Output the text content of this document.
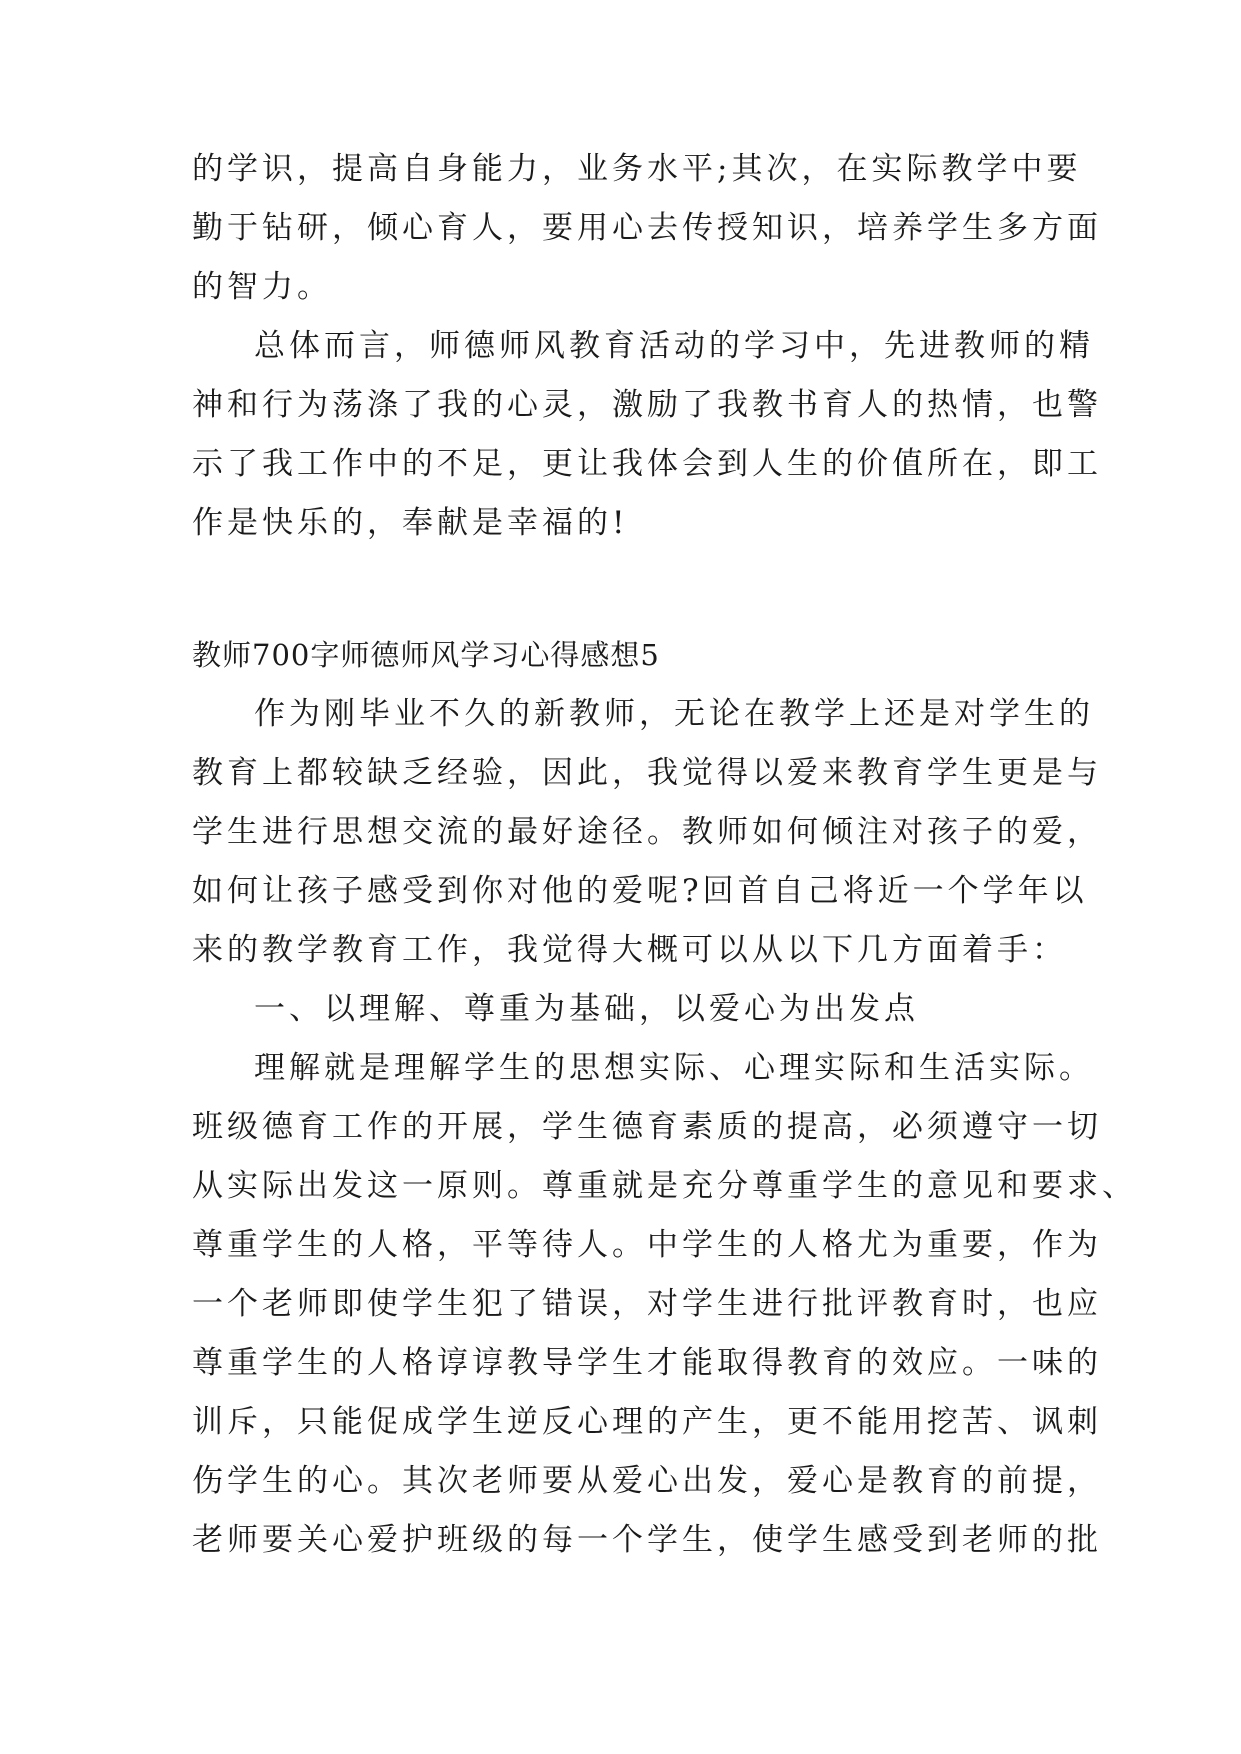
的学识，提高自身能力，业务水平;其次，在实际教学中要
勤于钻研，倾心育人，要用心去传授知识，培养学生多方面
的智力。
总体而言，师德师风教育活动的学习中，先进教师的精
神和行为荡涤了我的心灵，激励了我教书育人的热情，也警
示了我工作中的不足，更让我体会到人生的价值所在，即工
作是快乐的，奉献是幸福的!
教师700字师德师风学习心得感想5
作为刚毕业不久的新教师，无论在教学上还是对学生的
教育上都较缺乏经验，因此，我觉得以爱来教育学生更是与
学生进行思想交流的最好途径。教师如何倾注对孩子的爱，
如何让孩子感受到你对他的爱呢?回首自己将近一个学年以
来的教学教育工作，我觉得大概可以从以下几方面着手：
一、以理解、尊重为基础，以爱心为出发点
理解就是理解学生的思想实际、心理实际和生活实际。
班级德育工作的开展，学生德育素质的提高，必须遵守一切
从实际出发这一原则。尊重就是充分尊重学生的意见和要求、
尊重学生的人格，平等待人。中学生的人格尤为重要，作为
一个老师即使学生犯了错误，对学生进行批评教育时，也应
尊重学生的人格谆谆教导学生才能取得教育的效应。一味的
训斥，只能促成学生逆反心理的产生，更不能用挖苦、讽刺
伤学生的心。其次老师要从爱心出发，爱心是教育的前提，
老师要关心爱护班级的每一个学生，使学生感受到老师的批
